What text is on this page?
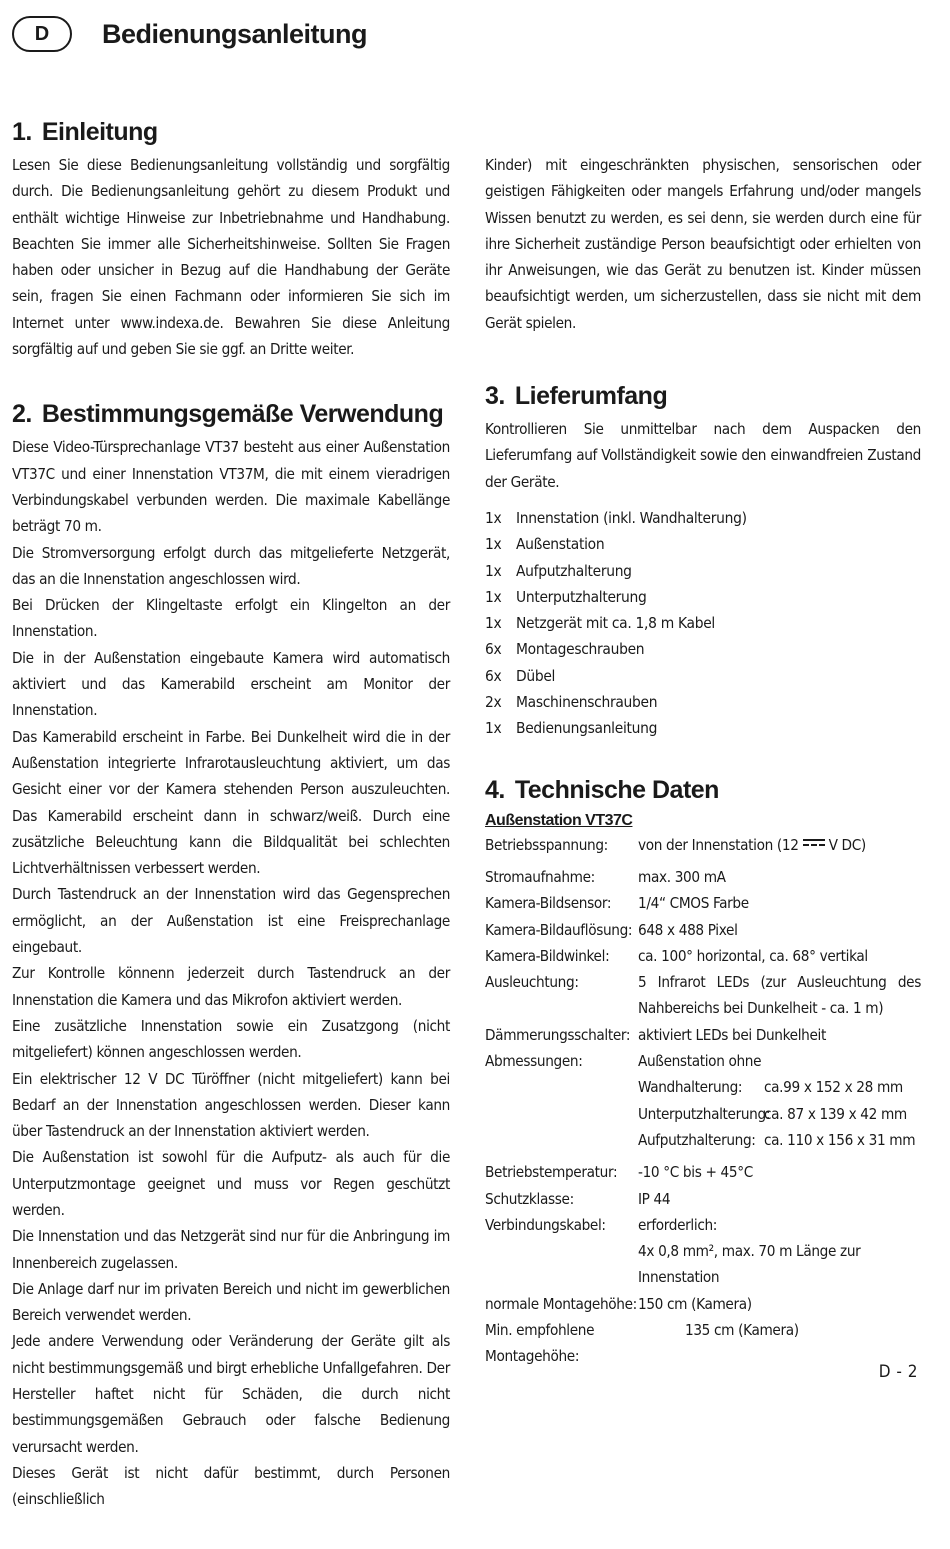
D	Bedienungsanleitung
1. Einleitung

Lesen Sie diese Bedienungsanleitung vollständig und sorgfältig durch. Die Bedienungsanleitung gehört zu diesem Produkt und enthält wichtige Hinweise zur Inbetriebnahme und Handhabung. Beachten Sie immer alle Sicherheitshinweise. Sollten Sie Fragen haben oder unsicher in Bezug auf die Handhabung der Geräte sein, fragen Sie einen Fachmann oder informieren Sie sich im Internet unter www.indexa.de. Bewahren Sie diese Anleitung sorgfältig auf und geben Sie sie ggf. an Dritte weiter.

2. Bestimmungsgemäße Verwendung

Diese Video-Türsprechanlage VT37 besteht aus einer Außenstation VT37C und einer Innenstation VT37M, die mit einem vieradrigen Verbindungskabel verbunden werden. Die maximale Kabellänge beträgt 70 m.

Die Stromversorgung erfolgt durch das mitgelieferte Netzgerät, das an die Innenstation angeschlossen wird.

Bei Drücken der Klingeltaste erfolgt ein Klingelton an der Innenstation.

Die in der Außenstation eingebaute Kamera wird automatisch aktiviert und das Kamerabild erscheint am Monitor der Innenstation.

Das Kamerabild erscheint in Farbe. Bei Dunkelheit wird die in der Außenstation integrierte Infrarotausleuchtung aktiviert, um das Gesicht einer vor der Kamera stehenden Person auszuleuchten. Das Kamerabild erscheint dann in schwarz/weiß. Durch eine zusätzliche Beleuchtung kann die Bildqualität bei schlechten Lichtverhältnissen verbessert werden.

Durch Tastendruck an der Innenstation wird das Gegensprechen ermöglicht, an der Außenstation ist eine Freisprechanlage eingebaut.

Zur Kontrolle könnenn jederzeit durch Tastendruck an der Innenstation die Kamera und das Mikrofon aktiviert werden.

Eine zusätzliche Innenstation sowie ein Zusatzgong (nicht mitgeliefert) können angeschlossen werden.

Ein elektrischer 12 V DC Türöffner (nicht mitgeliefert) kann bei Bedarf an der Innenstation angeschlossen werden. Dieser kann über Tastendruck an der Innenstation aktiviert werden.

Die Außenstation ist sowohl für die Aufputz- als auch für die Unterputzmontage geeignet und muss vor Regen geschützt werden.

Die Innenstation und das Netzgerät sind nur für die Anbringung im Innenbereich zugelassen.

Die Anlage darf nur im privaten Bereich und nicht im gewerblichen Bereich verwendet werden.

Jede andere Verwendung oder Veränderung der Geräte gilt als nicht bestimmungsgemäß und birgt erhebliche Unfallgefahren. Der Hersteller haftet nicht für Schäden, die durch nicht bestimmungsgemäßen Gebrauch oder falsche Bedienung verursacht werden.

Dieses Gerät ist nicht dafür bestimmt, durch Personen (einschließlich

Kinder) mit eingeschränkten physischen, sensorischen oder geistigen Fähigkeiten oder mangels Erfahrung und/oder mangels Wissen benutzt zu werden, es sei denn, sie werden durch eine für ihre Sicherheit zuständige Person beaufsichtigt oder erhielten von ihr Anweisungen, wie das Gerät zu benutzen ist. Kinder müssen beaufsichtigt werden, um sicherzustellen, dass sie nicht mit dem Gerät spielen.

3. Lieferumfang

Kontrollieren Sie unmittelbar nach dem Auspacken den Lieferumfang auf Vollständigkeit sowie den einwandfreien Zustand der Geräte.

1x Innenstation (inkl. Wandhalterung)
1x Außenstation
1x Aufputzhalterung
1x Unterputzhalterung
1x Netzgerät mit ca. 1,8 m Kabel
6x Montageschrauben
6x Dübel
2x Maschinenschrauben
1x Bedienungsanleitung
4. Technische Daten
Außenstation VT37C
Betriebsspannung:	von der Innenstation (12 V DC)
Stromaufnahme:	max. 300 mA
Kamera-Bildsensor:	1/4“ CMOS Farbe
Kamera-Bildauflösung: 648 x 488 Pixel
Kamera-Bildwinkel:	ca. 100° horizontal, ca. 68° vertikal
Ausleuchtung:	5 Infrarot LEDs (zur Ausleuchtung des Nahbereichs bei Dunkelheit - ca. 1 m)
Dämmerungsschalter: aktiviert LEDs bei Dunkelheit
Abmessungen:	Außenstation ohne
Wandhalterung:	ca.99 x 152 x 28 mm
Unterputzhalterung:
ca. 87 x 139 x 42 mm
Aufputzhalterung: ca. 110 x 156 x 31 mm
Betriebstemperatur:	-10 °C bis + 45°C
Schutzklasse:	IP 44
Verbindungskabel:	erforderlich:
4x 0,8 mm², max. 70 m Länge zur Innenstation
normale Montagehöhe: 150 cm (Kamera)
Min. empfohlene Montagehöhe:
135 cm (Kamera)
D - 2
